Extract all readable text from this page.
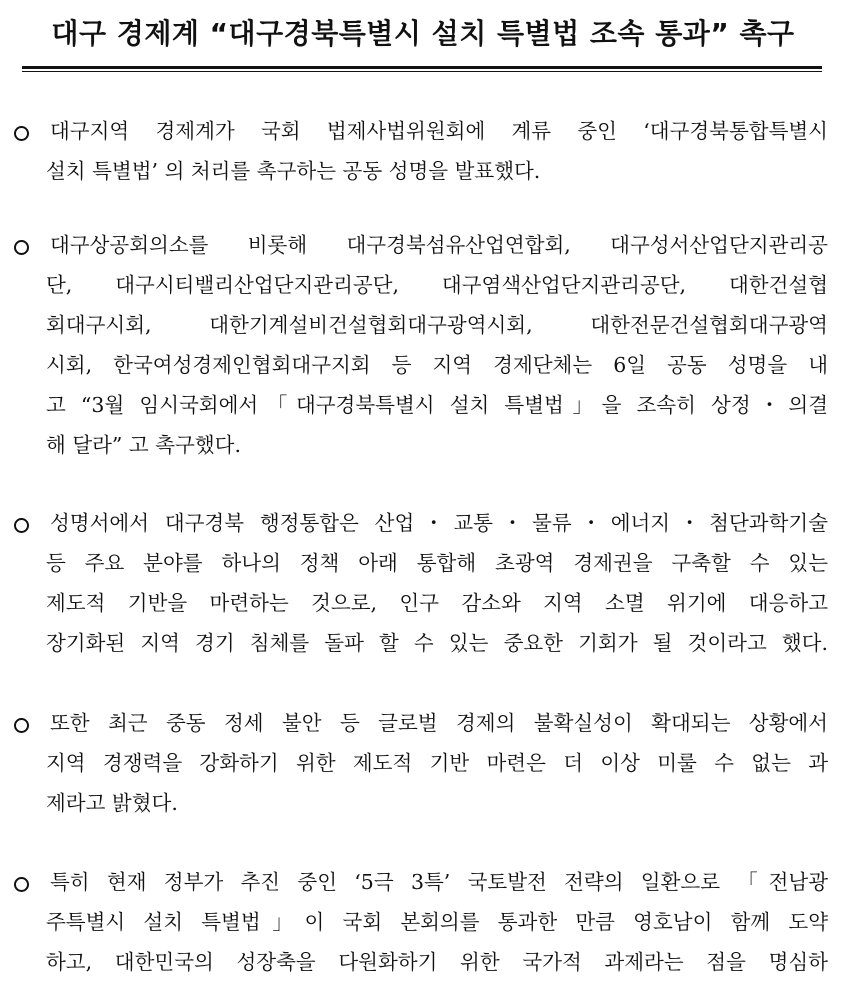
대구 경제계 “대구경북특별시 설치 특별법 조속 통과” 촉구
대구지역 경제계가 국회 법제사법위원회에 계류 중인 ‘대구경북통합특별시
설치 특별법’ 의 처리를 촉구하는 공동 성명을 발표했다.
대구상공회의소를 비롯해 대구경북섬유산업연합회, 대구성서산업단지관리공
단, 대구시티밸리산업단지관리공단, 대구염색산업단지관리공단, 대한건설협
회대구시회, 대한기계설비건설협회대구광역시회, 대한전문건설협회대구광역
시회, 한국여성경제인협회대구지회 등 지역 경제단체는 6일 공동 성명을 내
고 “3월 임시국회에서「대구경북특별시 설치 특별법」을 조속히 상정・의결
해 달라” 고 촉구했다.
성명서에서 대구경북 행정통합은 산업・교통・물류・에너지・첨단과학기술
등 주요 분야를 하나의 정책 아래 통합해 초광역 경제권을 구축할 수 있는
제도적 기반을 마련하는 것으로, 인구 감소와 지역 소멸 위기에 대응하고
장기화된 지역 경기 침체를 돌파 할 수 있는 중요한 기회가 될 것이라고 했다.
또한 최근 중동 정세 불안 등 글로벌 경제의 불확실성이 확대되는 상황에서
지역 경쟁력을 강화하기 위한 제도적 기반 마련은 더 이상 미룰 수 없는 과
제라고 밝혔다.
특히 현재 정부가 추진 중인 ‘5극 3특’ 국토발전 전략의 일환으로 「전남광
주특별시 설치 특별법」이 국회 본회의를 통과한 만큼 영호남이 함께 도약
하고, 대한민국의 성장축을 다원화하기 위한 국가적 과제라는 점을 명심하
